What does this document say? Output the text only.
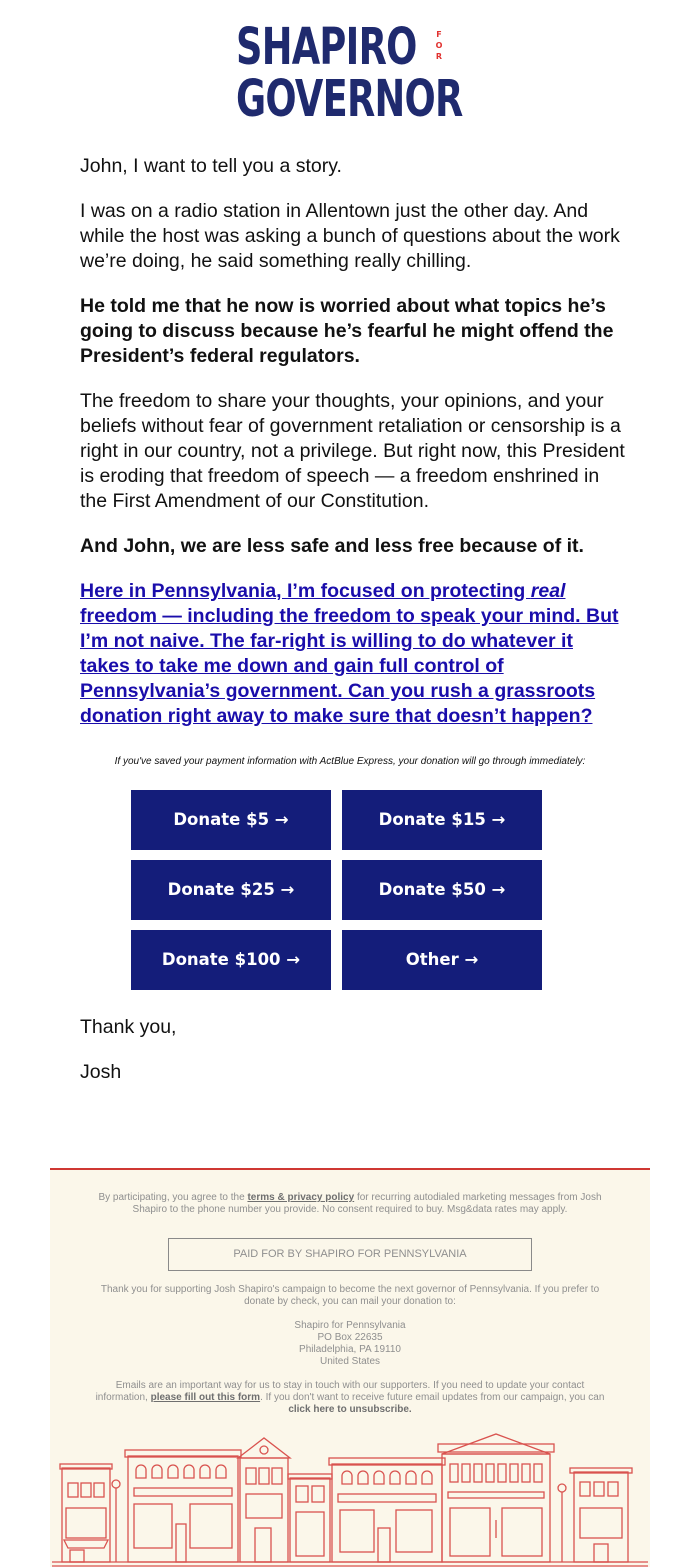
SHAPIRO F
O
R
GOVERNOR
John, I want to tell you a story.
I was on a radio station in Allentown just the other day. And while the host was asking a bunch of questions about the work we’re doing, he said something really chilling.
He told me that he now is worried about what topics he’s going to discuss because he’s fearful he might offend the President’s federal regulators.
The freedom to share your thoughts, your opinions, and your beliefs without fear of government retaliation or censorship is a right in our country, not a privilege. But right now, this President is eroding that freedom of speech — a freedom enshrined in the First Amendment of our Constitution.
And John, we are less safe and less free because of it.
Here in Pennsylvania, I’m focused on protecting real freedom — including the freedom to speak your mind. But I’m not naive. The far-right is willing to do whatever it takes to take me down and gain full control of Pennsylvania’s government. Can you rush a grassroots donation right away to make sure that doesn’t happen?
If you've saved your payment information with ActBlue Express, your donation will go through immediately:
Donate $5 →	Donate $15 →
Donate $25 →	Donate $50 →
Donate $100 →	Other →
Thank you,
Josh
By participating, you agree to the terms & privacy policy for recurring autodialed marketing messages from Josh Shapiro to the phone number you provide. No consent required to buy. Msg&data rates may apply.
PAID FOR BY SHAPIRO FOR PENNSYLVANIA
Thank you for supporting Josh Shapiro's campaign to become the next governor of Pennsylvania. If you prefer to donate by check, you can mail your donation to:
Shapiro for Pennsylvania
PO Box 22635
Philadelphia, PA 19110
United States
Emails are an important way for us to stay in touch with our supporters. If you need to update your contact information, please fill out this form. If you don't want to receive future email updates from our campaign, you can click here to unsubscribe.
